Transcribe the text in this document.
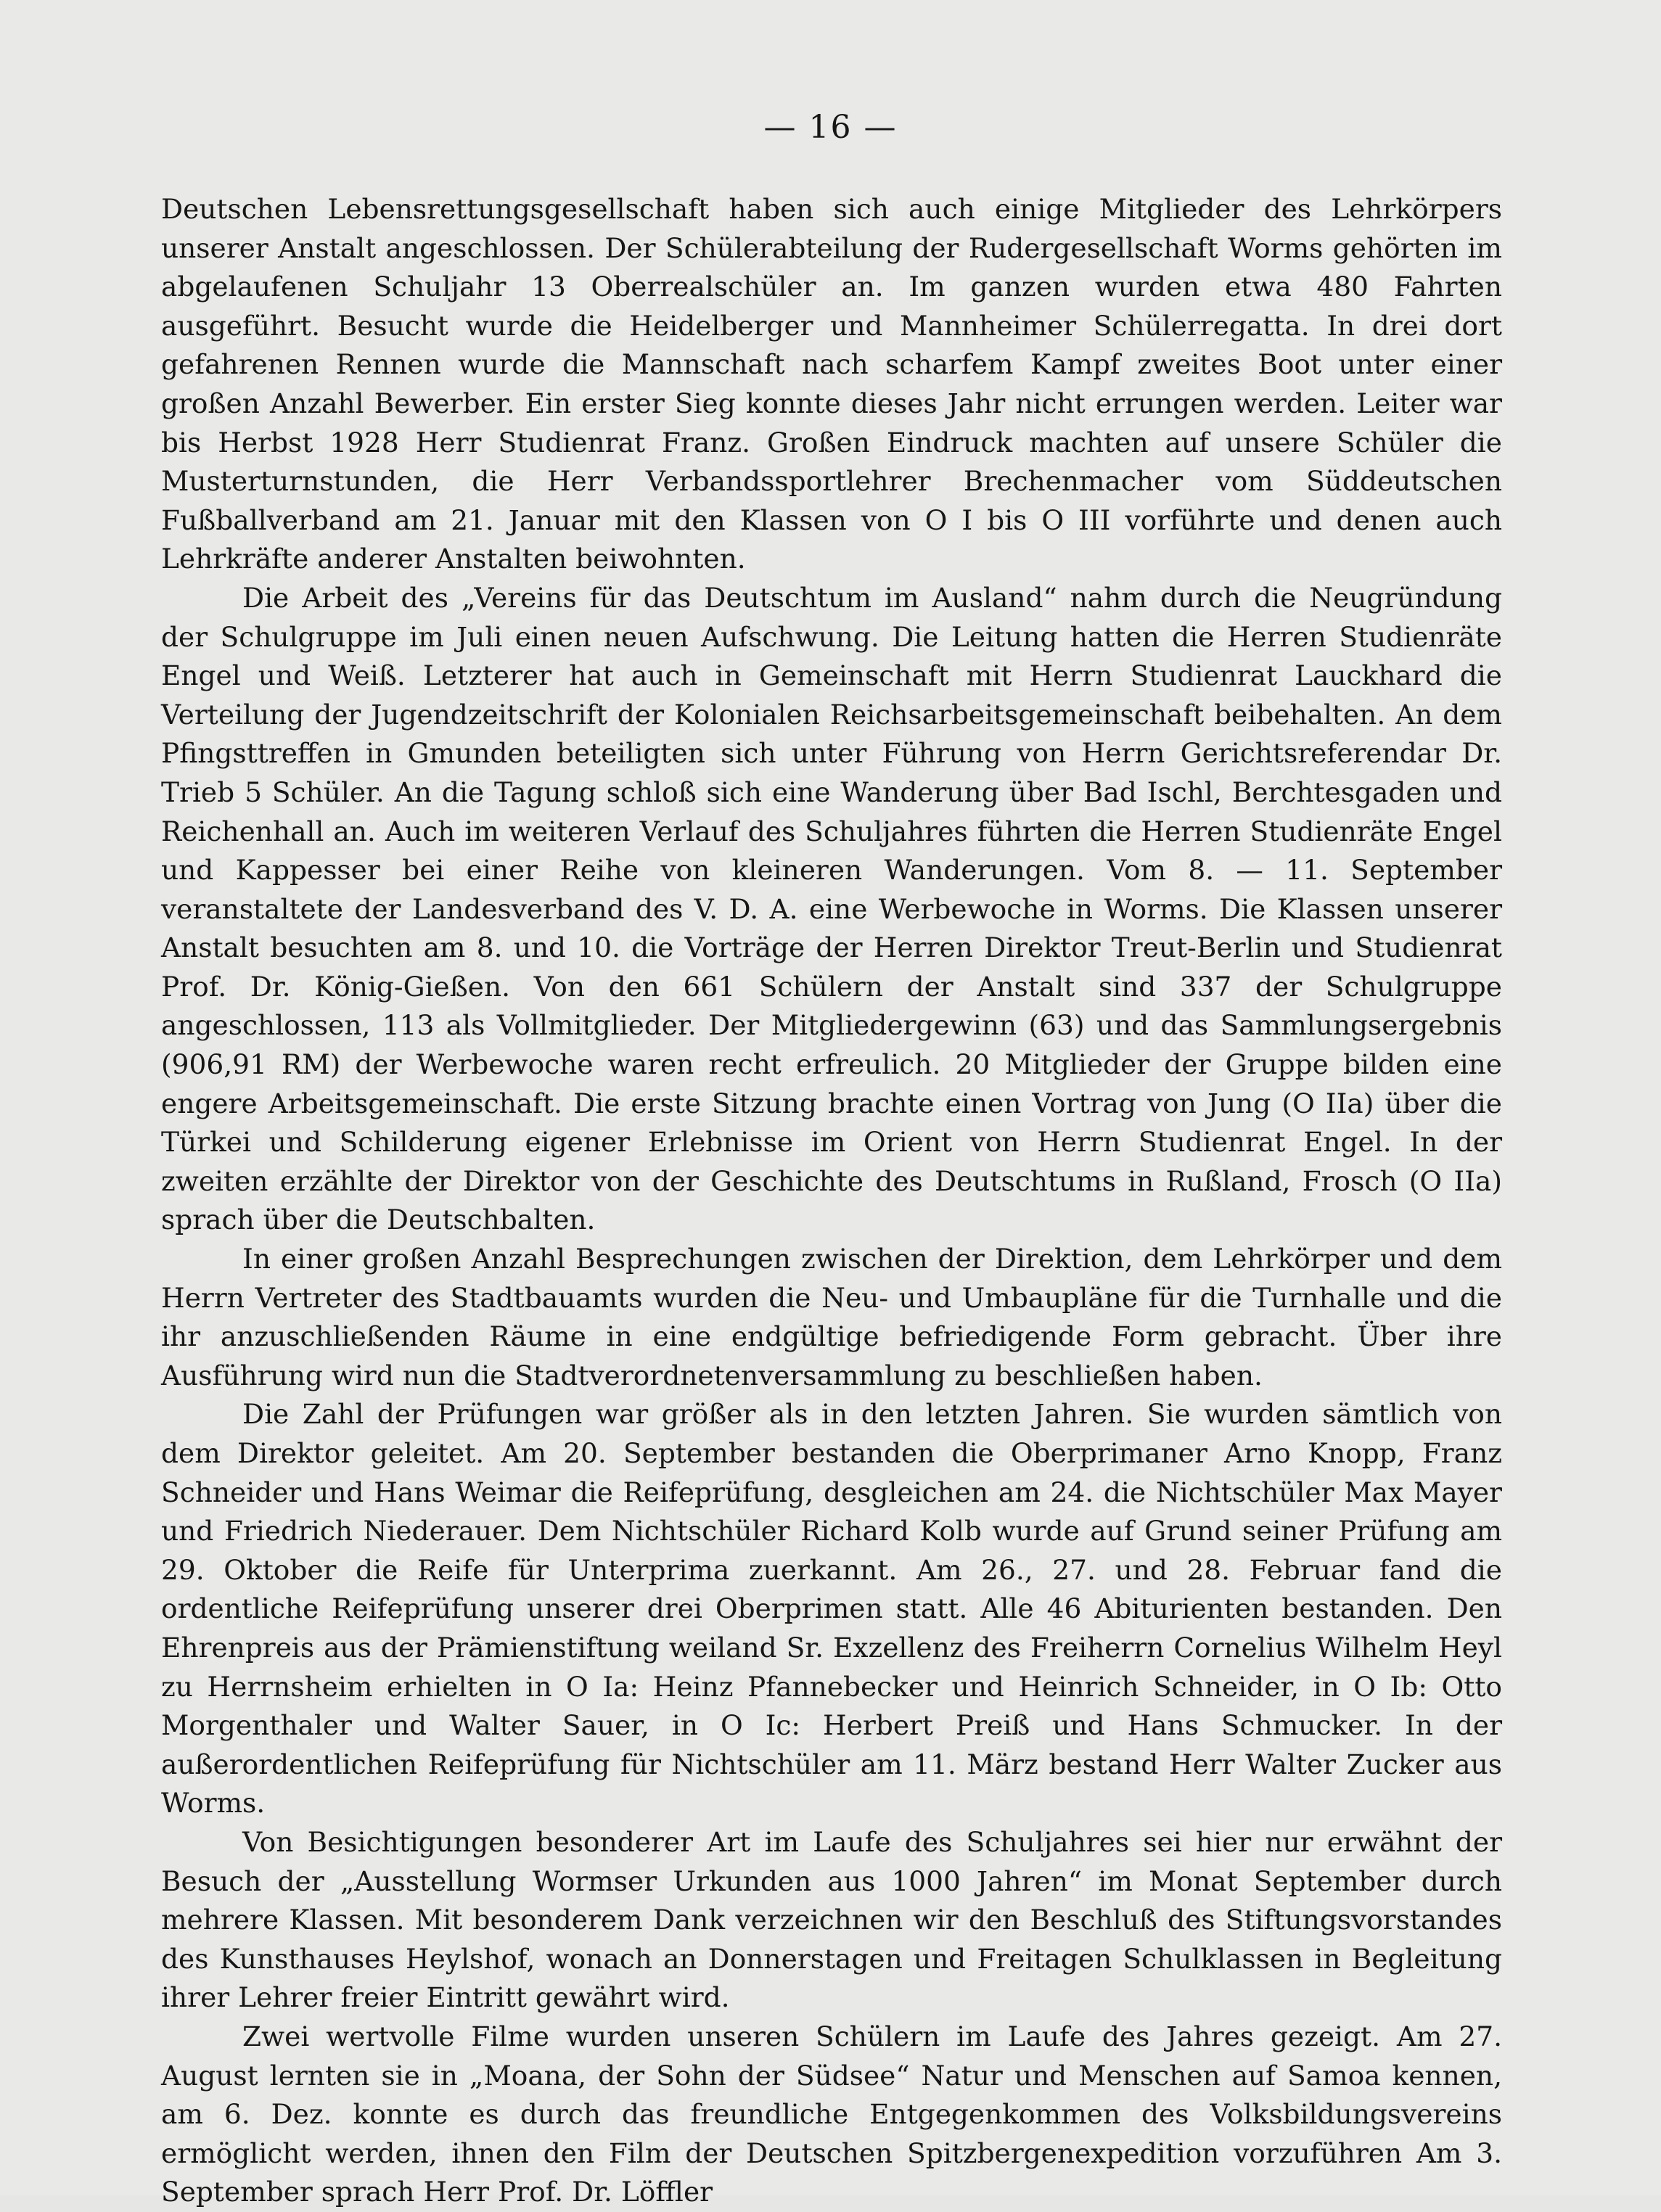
— 16 —

Deutschen Lebensrettungsgesellschaft haben sich auch einige Mitglieder des Lehrkörpers unserer Anstalt angeschlossen. Der Schülerabteilung der Rudergesellschaft Worms gehörten im abgelaufenen Schuljahr 13 Oberrealschüler an. Im ganzen wurden etwa 480 Fahrten ausgeführt. Besucht wurde die Heidelberger und Mannheimer Schülerregatta. In drei dort gefahrenen Rennen wurde die Mannschaft nach scharfem Kampf zweites Boot unter einer großen Anzahl Bewerber. Ein erster Sieg konnte dieses Jahr nicht errungen werden. Leiter war bis Herbst 1928 Herr Studienrat Franz. Großen Eindruck machten auf unsere Schüler die Musterturnstunden, die Herr Verbandssportlehrer Brechenmacher vom Süddeutschen Fußballverband am 21. Januar mit den Klassen von O I bis O III vorführte und denen auch Lehrkräfte anderer Anstalten beiwohnten.

Die Arbeit des „Vereins für das Deutschtum im Ausland“ nahm durch die Neugründung der Schulgruppe im Juli einen neuen Aufschwung. Die Leitung hatten die Herren Studienräte Engel und Weiß. Letzterer hat auch in Gemeinschaft mit Herrn Studienrat Lauckhard die Verteilung der Jugendzeitschrift der Kolonialen Reichsarbeitsgemeinschaft beibehalten. An dem Pfingsttreffen in Gmunden beteiligten sich unter Führung von Herrn Gerichtsreferendar Dr. Trieb 5 Schüler. An die Tagung schloß sich eine Wanderung über Bad Ischl, Berchtesgaden und Reichenhall an. Auch im weiteren Verlauf des Schuljahres führten die Herren Studienräte Engel und Kappesser bei einer Reihe von kleineren Wanderungen. Vom 8. — 11. September veranstaltete der Landesverband des V. D. A. eine Werbewoche in Worms. Die Klassen unserer Anstalt besuchten am 8. und 10. die Vorträge der Herren Direktor Treut-Berlin und Studienrat Prof. Dr. König-Gießen. Von den 661 Schülern der Anstalt sind 337 der Schulgruppe angeschlossen, 113 als Vollmitglieder. Der Mitgliedergewinn (63) und das Sammlungsergebnis (906,91 RM) der Werbewoche waren recht erfreulich. 20 Mitglieder der Gruppe bilden eine engere Arbeitsgemeinschaft. Die erste Sitzung brachte einen Vortrag von Jung (O IIa) über die Türkei und Schilderung eigener Erlebnisse im Orient von Herrn Studienrat Engel. In der zweiten erzählte der Direktor von der Geschichte des Deutschtums in Rußland, Frosch (O IIa) sprach über die Deutschbalten.

In einer großen Anzahl Besprechungen zwischen der Direktion, dem Lehrkörper und dem Herrn Vertreter des Stadtbauamts wurden die Neu- und Umbaupläne für die Turnhalle und die ihr anzuschließenden Räume in eine endgültige befriedigende Form gebracht. Über ihre Ausführung wird nun die Stadtverordnetenversammlung zu beschließen haben.

Die Zahl der Prüfungen war größer als in den letzten Jahren. Sie wurden sämtlich von dem Direktor geleitet. Am 20. September bestanden die Oberprimaner Arno Knopp, Franz Schneider und Hans Weimar die Reifeprüfung, desgleichen am 24. die Nichtschüler Max Mayer und Friedrich Niederauer. Dem Nichtschüler Richard Kolb wurde auf Grund seiner Prüfung am 29. Oktober die Reife für Unterprima zuerkannt. Am 26., 27. und 28. Februar fand die ordentliche Reifeprüfung unserer drei Oberprimen statt. Alle 46 Abiturienten bestanden. Den Ehrenpreis aus der Prämienstiftung weiland Sr. Exzellenz des Freiherrn Cornelius Wilhelm Heyl zu Herrnsheim erhielten in O Ia: Heinz Pfannebecker und Heinrich Schneider, in O Ib: Otto Morgenthaler und Walter Sauer, in O Ic: Herbert Preiß und Hans Schmucker. In der außerordentlichen Reifeprüfung für Nichtschüler am 11. März bestand Herr Walter Zucker aus Worms.

Von Besichtigungen besonderer Art im Laufe des Schuljahres sei hier nur erwähnt der Besuch der „Ausstellung Wormser Urkunden aus 1000 Jahren“ im Monat September durch mehrere Klassen. Mit besonderem Dank verzeichnen wir den Beschluß des Stiftungsvorstandes des Kunsthauses Heylshof, wonach an Donnerstagen und Freitagen Schulklassen in Begleitung ihrer Lehrer freier Eintritt gewährt wird.

Zwei wertvolle Filme wurden unseren Schülern im Laufe des Jahres gezeigt. Am 27. August lernten sie in „Moana, der Sohn der Südsee“ Natur und Menschen auf Samoa kennen, am 6. Dez. konnte es durch das freundliche Entgegenkommen des Volksbildungsvereins ermöglicht werden, ihnen den Film der Deutschen Spitzbergenexpedition vorzuführen Am 3. September sprach Herr Prof. Dr. Löffler
